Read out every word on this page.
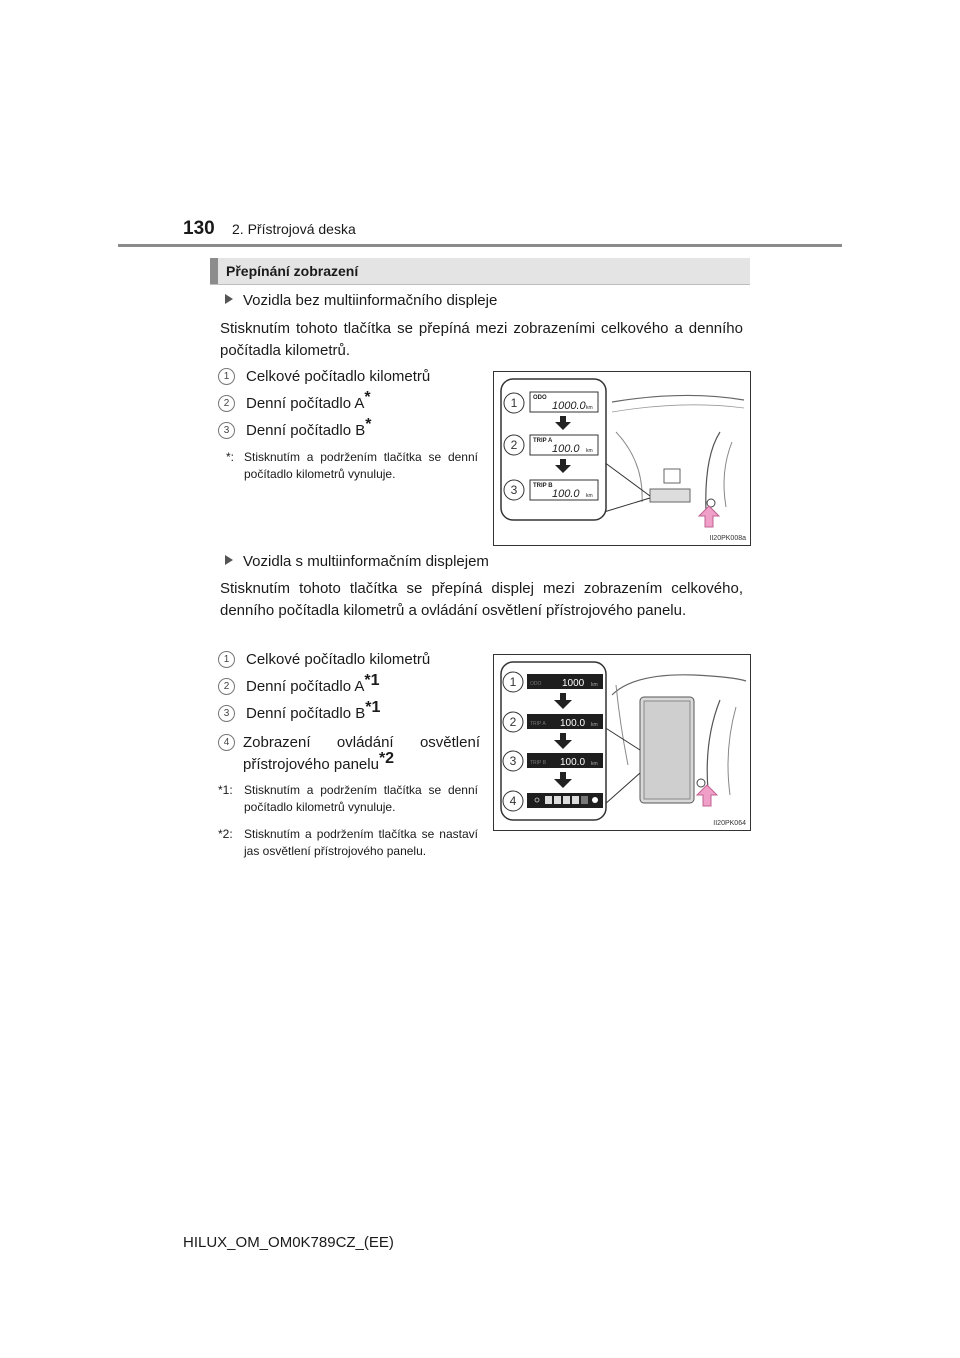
130 2. Přístrojová deska
Přepínání zobrazení
Vozidla bez multiinformačního displeje
Stisknutím tohoto tlačítka se přepíná mezi zobrazeními celkového a denního počítadla kilometrů.
1 Celkové počítadlo kilometrů
2 Denní počítadlo A*
3 Denní počítadlo B*
*: Stisknutím a podržením tlačítka se denní počítadlo kilometrů vynuluje.
1
2
3
ODO
1000.0 km
TRIP A
100.0 km
TRIP B
100.0 km
II20PK008a
Vozidla s multiinformačním displejem
Stisknutím tohoto tlačítka se přepíná displej mezi zobrazením celkového, denního počítadla kilometrů a ovládání osvětlení přístrojového panelu.
1 Celkové počítadlo kilometrů
2 Denní počítadlo $A^{*1}$
3 Denní počítadlo $B^{*1}$
4 Zobrazení ovládání osvětlení přístrojového panelu$^{*2}$
*1: Stisknutím a podržením tlačítka se denní počítadlo kilometrů vynuluje.
*2: Stisknutím a podržením tlačítka se nastaví jas osvětlení přístrojového panelu.
1
2
3
4
ODO 1000 km
TRIP A 100.0 km
TRIP B 100.0 km
II20PK064
HILUX_OM_OM0K789CZ_(EE)
